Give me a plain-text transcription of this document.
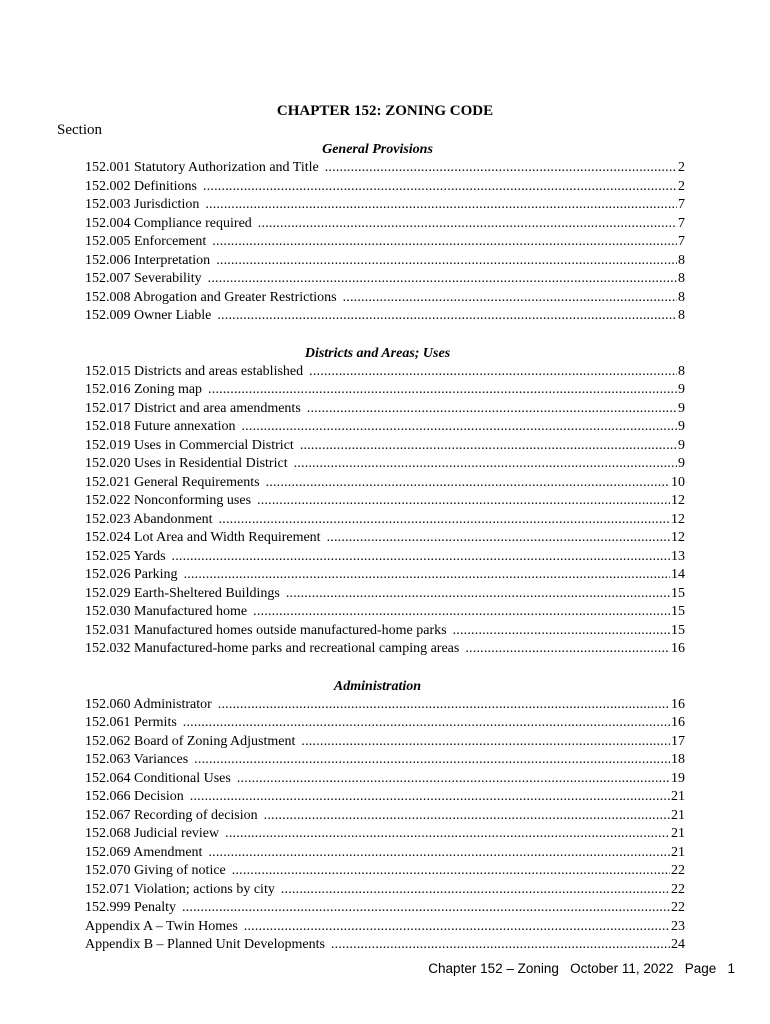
CHAPTER 152: ZONING CODE
Section
General Provisions
152.001 Statutory Authorization and Title .....	2
152.002 Definitions .....	2
152.003 Jurisdiction .....	7
152.004 Compliance required .....	7
152.005 Enforcement .....	7
152.006 Interpretation .....	8
152.007 Severability .....	8
152.008 Abrogation and Greater Restrictions .....	8
152.009 Owner Liable .....	8
Districts and Areas; Uses
152.015 Districts and areas established .....	8
152.016 Zoning map .....	9
152.017 District and area amendments .....	9
152.018 Future annexation .....	9
152.019 Uses in Commercial District .....	9
152.020 Uses in Residential District .....	9
152.021 General Requirements .....	10
152.022 Nonconforming uses .....	12
152.023 Abandonment .....	12
152.024 Lot Area and Width Requirement .....	12
152.025 Yards .....	13
152.026 Parking .....	14
152.029 Earth-Sheltered Buildings .....	15
152.030 Manufactured home .....	15
152.031 Manufactured homes outside manufactured-home parks .....	15
152.032 Manufactured-home parks and recreational camping areas .....	16
Administration
152.060 Administrator .....	16
152.061 Permits .....	16
152.062 Board of Zoning Adjustment .....	17
152.063 Variances .....	18
152.064 Conditional Uses .....	19
152.066 Decision .....	21
152.067 Recording of decision .....	21
152.068 Judicial review .....	21
152.069 Amendment .....	21
152.070 Giving of notice .....	22
152.071 Violation; actions by city .....	22
152.999 Penalty .....	22
Appendix A – Twin Homes .....	23
Appendix B – Planned Unit Developments .....	24
Chapter 152 – Zoning   October 11, 2022   Page   1
